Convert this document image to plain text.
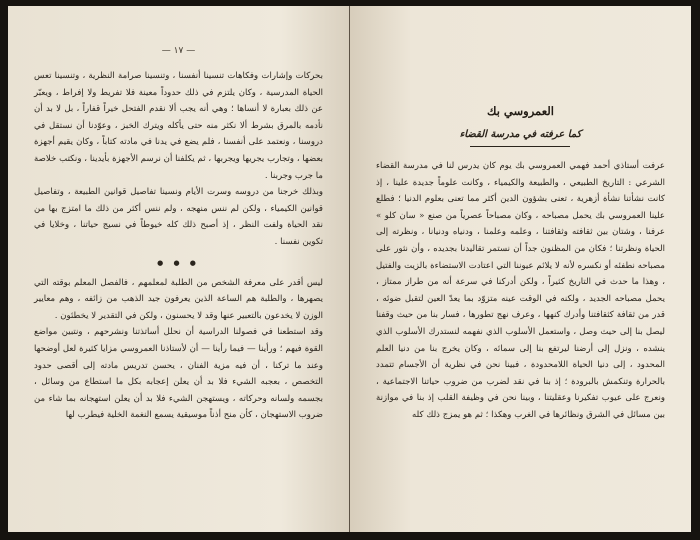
— ١٧ —

بحركات وإشارات وفكاهات تنسينا أنفسنا ، وتنسينا صرامة النظرية ، وتنسينا تعس الحياة المدرسية ، وكان يلتزم في ذلك حدوداً معينة فلا تفريط ولا إفراط ، ويعبّر عن ذلك بعبارة لا أنساها ؛ وهي أنه يجب ألا نقدم الفتحل خيراً قفاراً ، بل لا بد أن نأدمه بالمرق بشرط ألا نكثر منه حتى يأكله ويترك الخبز ، وعوّدنا أن نستقل في دروسنا ، ونعتمد على أنفسنا ، فلم يضع في يدنا في مادته كتاباً ، وكان يقيم أجهزة بعضها ، وتجارب يجريها ويجربها ، ثم يكلفنا أن نرسم الأجهزة بأيدينا ، ونكتب خلاصة ما جرب وجربنا .

وبذلك خرجنا من دروسه وسرت الأيام ونسينا تفاصيل قوانين الطبيعة ، وتفاصيل قوانين الكيمياء ، ولكن لم ننس منهجه ، ولم ننس أكثر من ذلك ما امتزج بها من نقد الحياة ولفت النظر ، إذ أصبح ذلك كله خيوطاً في نسيج حياتنا ، وخلايا في تكوين نفسنا .

● ● ●

ليس أقدر على معرفة الشخص من الطلبة لمعلمهم ، فالفصل المعلم بوقته التي يصهرها ، والطلبة هم الساعة الذين يعرفون جيد الذهب من زائفه ، وهم معايير الوزن لا يخدعون بالتعبير عنها وقد لا يحسنون ، ولكن في التقدير لا يخطئون .

وقد استطعنا في فصولنا الدراسية أن نحلل أساتذتنا ونشرحهم ، ونتبين مواضع القوة فيهم ؛ ورأينا — فيما رأينا — أن لأستاذنا العمروسي مزايا كثيرة لعل أوضحها وعند ما تركنا ، أن فيه مزية الفنان ، يحسن تدريس مادته إلى أقصى حدود التخصص ، بعجبه الشيء فلا بد أن يعلن إعجابه بكل ما استطاع من وسائل ، بجسمه ولسانه وحركاته ، ويستهجن الشيء فلا بد أن يعلن استهجانه بما شاء من ضروب الاستهجان ، كأن منح أذناً موسيقية يسمع النغمة الخلية فيطرب لها

العمروسي بك
كما عرفته في مدرسة القضاء

عرفت أستاذي أحمد فهمي العمروسي بك يوم كان يدرس لنا في مدرسة القضاء الشرعي : التاريخ الطبيعي ، والطبيعة والكيمياء ، وكانت علوماً جديدة علينا ، إذ كانت نشأتنا نشأة أزهرية ، تعنى بشؤون الدين أكثر مما تعنى بعلوم الدنيا ؛ فطلع علينا العمروسي بك يحمل مصباحه ، وكان مصباحاً عصرياً من صنع « سان كلو » عرفنا ، وشتان بين ثقافته وثقافتنا ، وعلمه وعلمنا ، ودنياه ودنيانا ، ونظرته إلى الحياة ونظرتنا ؛ فكان من المظنون جداً أن نستمر تقاليدنا بجديده ، وأن نثور على مصباحه نطفئه أو نكسره لأنه لا يلائم عيوننا التي اعتادت الاستضاءة بالزيت والفتيل ، وهذا ما حدث في التاريخ كثيراً ، ولكن أدركنا في سرعة أنه من طراز ممتاز ، يحمل مصباحه الجديد ، ولكنه في الوقت عينه متزوّد بما يعدّ العين لتقبل ضوئه ، قدر من ثقافة كثقافتنا وأدرك كنهها ، وعرف نهج تطورها ، فسار بنا من حيث وقفنا ليصل بنا إلى حيث وصل ، واستعمل الأسلوب الذي نفهمه لنستدرك الأسلوب الذي ينشده ، ونزل إلى أرضنا ليرتفع بنا إلى سمائه ، وكان يخرج بنا من دنيا العلم المحدود ، إلى دنيا الحياة اللامحدودة ، فبينا نحن في نظرية أن الأجسام تتمدد بالحرارة وتنكمش بالبرودة ؛ إذ بنا في نقد لضرب من ضروب حياتنا الاجتماعية ، ونعرج على عيوب تفكيرنا وعقليتنا ، وبينا نحن في وظيفة القلب إذ بنا في موازنة بين مسائل في الشرق ونظائرها في الغرب وهكذا ؛ ثم هو يمزج ذلك كله
